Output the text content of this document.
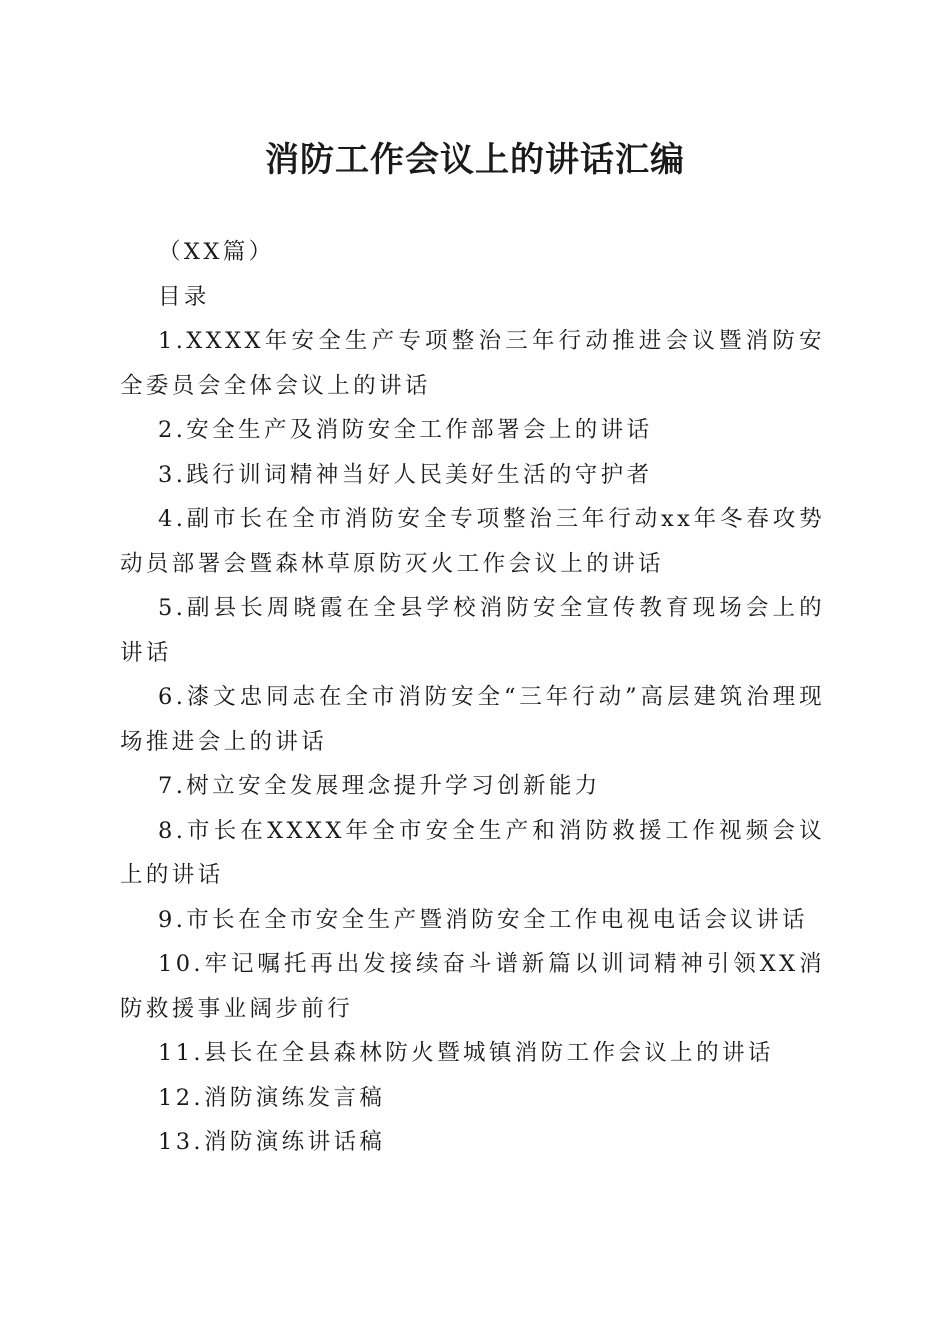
消防工作会议上的讲话汇编

（XX篇）

目录

1.XXXX年安全生产专项整治三年行动推进会议暨消防安全委员会全体会议上的讲话

2.安全生产及消防安全工作部署会上的讲话

3.践行训词精神当好人民美好生活的守护者

4.副市长在全市消防安全专项整治三年行动xx年冬春攻势动员部署会暨森林草原防灭火工作会议上的讲话

5.副县长周晓霞在全县学校消防安全宣传教育现场会上的讲话

6.漆文忠同志在全市消防安全“三年行动”高层建筑治理现场推进会上的讲话

7.树立安全发展理念提升学习创新能力

8.市长在XXXX年全市安全生产和消防救援工作视频会议上的讲话

9.市长在全市安全生产暨消防安全工作电视电话会议讲话

10.牢记嘱托再出发接续奋斗谱新篇以训词精神引领XX消防救援事业阔步前行

11.县长在全县森林防火暨城镇消防工作会议上的讲话

12.消防演练发言稿

13.消防演练讲话稿
